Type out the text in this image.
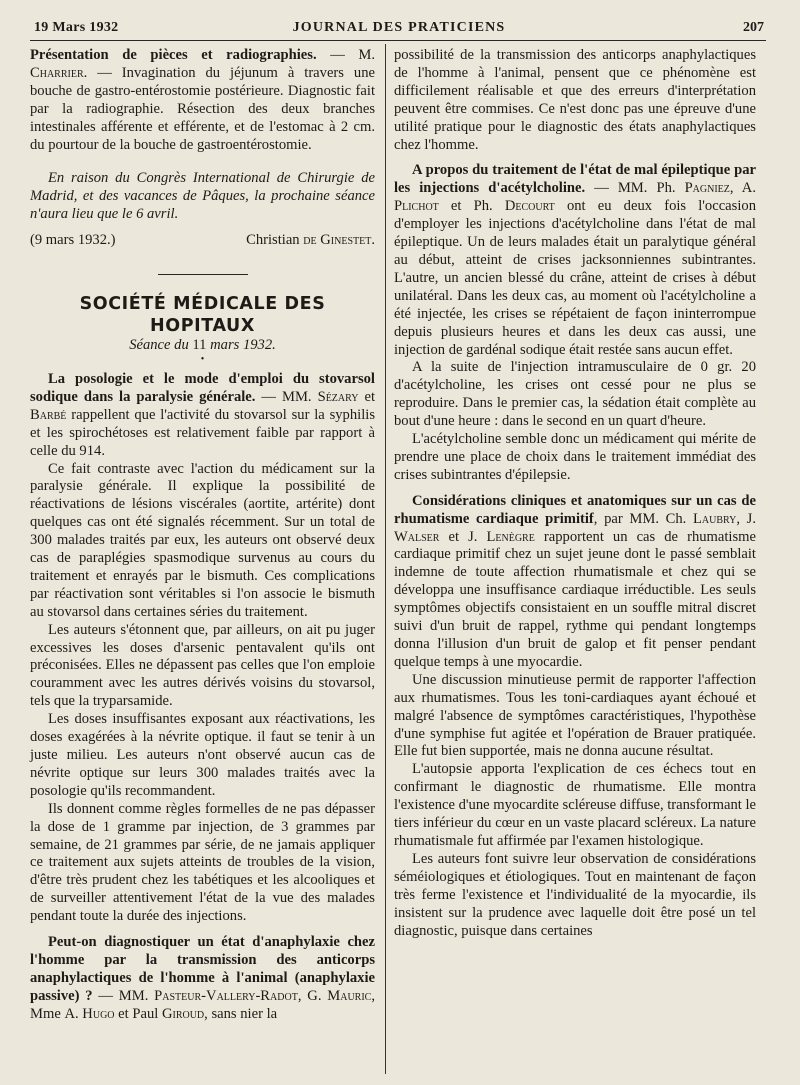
19 Mars 1932	JOURNAL DES PRATICIENS	207

Présentation de pièces et radiographies. — M. Charrier. — Invagination du jéjunum à travers une bouche de gastro-entérostomie postérieure. Diagnostic fait par la radiographie. Résection des deux branches intestinales afférente et efférente, et de l'estomac à 2 cm. du pourtour de la bouche de gastroentérostomie.

En raison du Congrès International de Chirurgie de Madrid, et des vacances de Pâques, la prochaine séance n'aura lieu que le 6 avril.

(9 mars 1932.)	Christian de Ginestet.

SOCIÉTÉ MÉDICALE DES HOPITAUX

Séance du 11 mars 1932.

•

La posologie et le mode d'emploi du stovarsol sodique dans la paralysie générale. — MM. Sézary et Barbé rappellent que l'activité du stovarsol sur la syphilis et les spirochétoses est relativement faible par rapport à celle du 914.

Ce fait contraste avec l'action du médicament sur la paralysie générale. Il explique la possibilité de réactivations de lésions viscérales (aortite, artérite) dont quelques cas ont été signalés récemment. Sur un total de 300 malades traités par eux, les auteurs ont observé deux cas de paraplégies spasmodique survenus au cours du traitement et enrayés par le bismuth. Ces complications par réactivation sont véritables si l'on associe le bismuth au stovarsol dans certaines séries du traitement.

Les auteurs s'étonnent que, par ailleurs, on ait pu juger excessives les doses d'arsenic pentavalent qu'ils ont préconisées. Elles ne dépassent pas celles que l'on emploie couramment avec les autres dérivés voisins du stovarsol, tels que la tryparsamide.

Les doses insuffisantes exposant aux réactivations, les doses exagérées à la névrite optique. il faut se tenir à un juste milieu. Les auteurs n'ont observé aucun cas de névrite optique sur leurs 300 malades traités avec la posologie qu'ils recommandent.

Ils donnent comme règles formelles de ne pas dépasser la dose de 1 gramme par injection, de 3 grammes par semaine, de 21 grammes par série, de ne jamais appliquer ce traitement aux sujets atteints de troubles de la vision, d'être très prudent chez les tabétiques et les alcooliques et de surveiller attentivement l'état de la vue des malades pendant toute la durée des injections.

Peut-on diagnostiquer un état d'anaphylaxie chez l'homme par la transmission des anticorps anaphylactiques de l'homme à l'animal (anaphylaxie passive) ? — MM. Pasteur-Vallery-Radot, G. Mauric, Mme A. Hugo et Paul Giroud, sans nier la

possibilité de la transmission des anticorps anaphylactiques de l'homme à l'animal, pensent que ce phénomène est difficilement réalisable et que des erreurs d'interprétation peuvent être commises. Ce n'est donc pas une épreuve d'une utilité pratique pour le diagnostic des états anaphylactiques chez l'homme.

A propos du traitement de l'état de mal épileptique par les injections d'acétylcholine. — MM. Ph. Pagniez, A. Plichot et Ph. Decourt ont eu deux fois l'occasion d'employer les injections d'acétylcholine dans l'état de mal épileptique. Un de leurs malades était un paralytique général au début, atteint de crises jacksonniennes subintrantes. L'autre, un ancien blessé du crâne, atteint de crises à début unilatéral. Dans les deux cas, au moment où l'acétylcholine a été injectée, les crises se répétaient de façon ininterrompue depuis plusieurs heures et dans les deux cas aussi, une injection de gardénal sodique était restée sans aucun effet.

A la suite de l'injection intramusculaire de 0 gr. 20 d'acétylcholine, les crises ont cessé pour ne plus se reproduire. Dans le premier cas, la sédation était complète au bout d'une heure : dans le second en un quart d'heure.

L'acétylcholine semble donc un médicament qui mérite de prendre une place de choix dans le traitement immédiat des crises subintrantes d'épilepsie.

Considérations cliniques et anatomiques sur un cas de rhumatisme cardiaque primitif, par MM. Ch. Laubry, J. Walser et J. Lenègre rapportent un cas de rhumatisme cardiaque primitif chez un sujet jeune dont le passé semblait indemne de toute affection rhumatismale et chez qui se développa une insuffisance cardiaque irréductible. Les seuls symptômes objectifs consistaient en un souffle mitral discret suivi d'un bruit de rappel, rythme qui pendant longtemps donna l'illusion d'un bruit de galop et fit penser pendant quelque temps à une myocardie.

Une discussion minutieuse permit de rapporter l'affection aux rhumatismes. Tous les toni-cardiaques ayant échoué et malgré l'absence de symptômes caractéristiques, l'hypothèse d'une symphise fut agitée et l'opération de Brauer pratiquée. Elle fut bien supportée, mais ne donna aucune résultat.

L'autopsie apporta l'explication de ces échecs tout en confirmant le diagnostic de rhumatisme. Elle montra l'existence d'une myocardite scléreuse diffuse, transformant le tiers inférieur du cœur en un vaste placard scléreux. La nature rhumatismale fut affirmée par l'examen histologique.

Les auteurs font suivre leur observation de considérations séméiologiques et étiologiques. Tout en maintenant de façon très ferme l'existence et l'individualité de la myocardie, ils insistent sur la prudence avec laquelle doit être posé un tel diagnostic, puisque dans certaines
